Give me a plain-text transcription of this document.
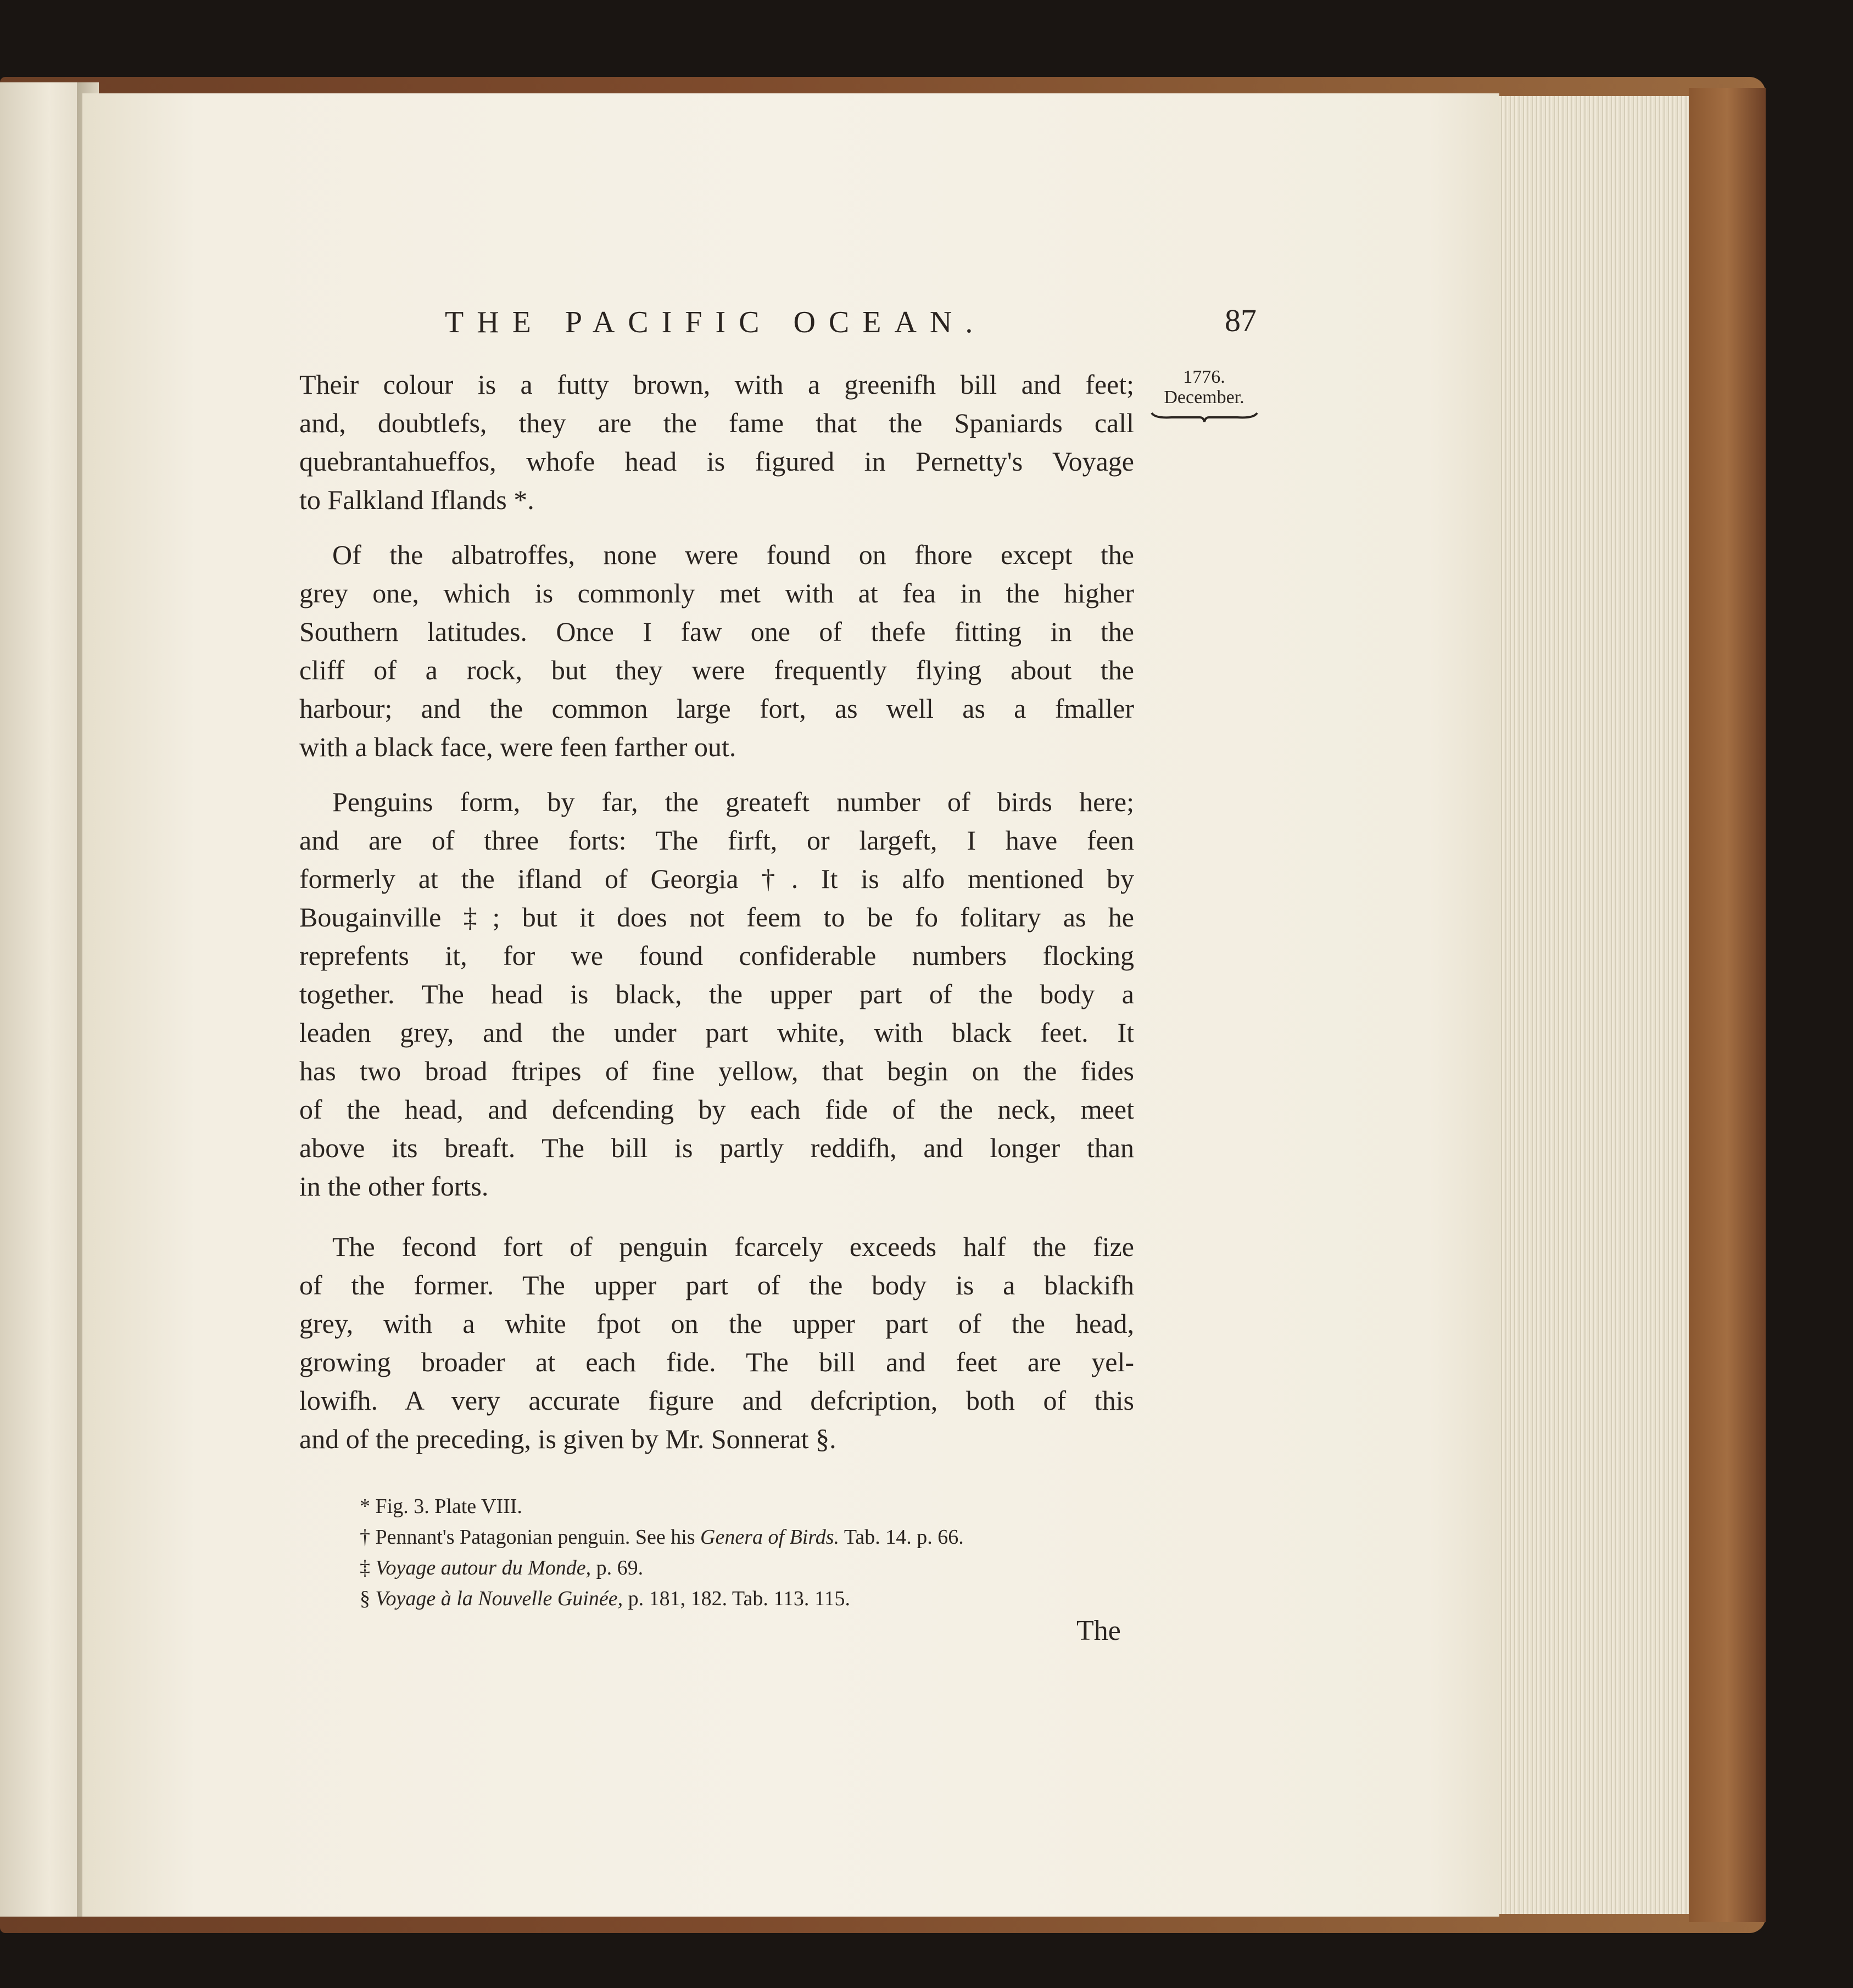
THE PACIFIC OCEAN.	87
1776.
December.

Their colour is a futty brown, with a greenifh bill and feet;
and, doubtlefs, they are the fame that the Spaniards call
quebrantahueffos, whofe head is figured in Pernetty's Voyage
to Falkland Iflands *.

Of the albatroffes, none were found on fhore except the
grey one, which is commonly met with at fea in the higher
Southern latitudes. Once I faw one of thefe fitting in the
cliff of a rock, but they were frequently flying about the
harbour; and the common large fort, as well as a fmaller
with a black face, were feen farther out.

Penguins form, by far, the greateft number of birds here;
and are of three forts: The firft, or largeft, I have feen
formerly at the ifland of Georgia †. It is alfo mentioned by
Bougainville ‡; but it does not feem to be fo folitary as he
reprefents it, for we found confiderable numbers flocking
together. The head is black, the upper part of the body a
leaden grey, and the under part white, with black feet. It
has two broad ftripes of fine yellow, that begin on the fides
of the head, and defcending by each fide of the neck, meet
above its breaft. The bill is partly reddifh, and longer than
in the other forts.

The fecond fort of penguin fcarcely exceeds half the fize
of the former. The upper part of the body is a blackifh
grey, with a white fpot on the upper part of the head,
growing broader at each fide. The bill and feet are yel-
lowifh. A very accurate figure and defcription, both of this
and of the preceding, is given by Mr. Sonnerat §.

* Fig. 3. Plate VIII.
† Pennant's Patagonian penguin. See his Genera of Birds. Tab. 14. p. 66.
‡ Voyage autour du Monde, p. 69.
§ Voyage à la Nouvelle Guinée, p. 181, 182. Tab. 113. 115.
The
